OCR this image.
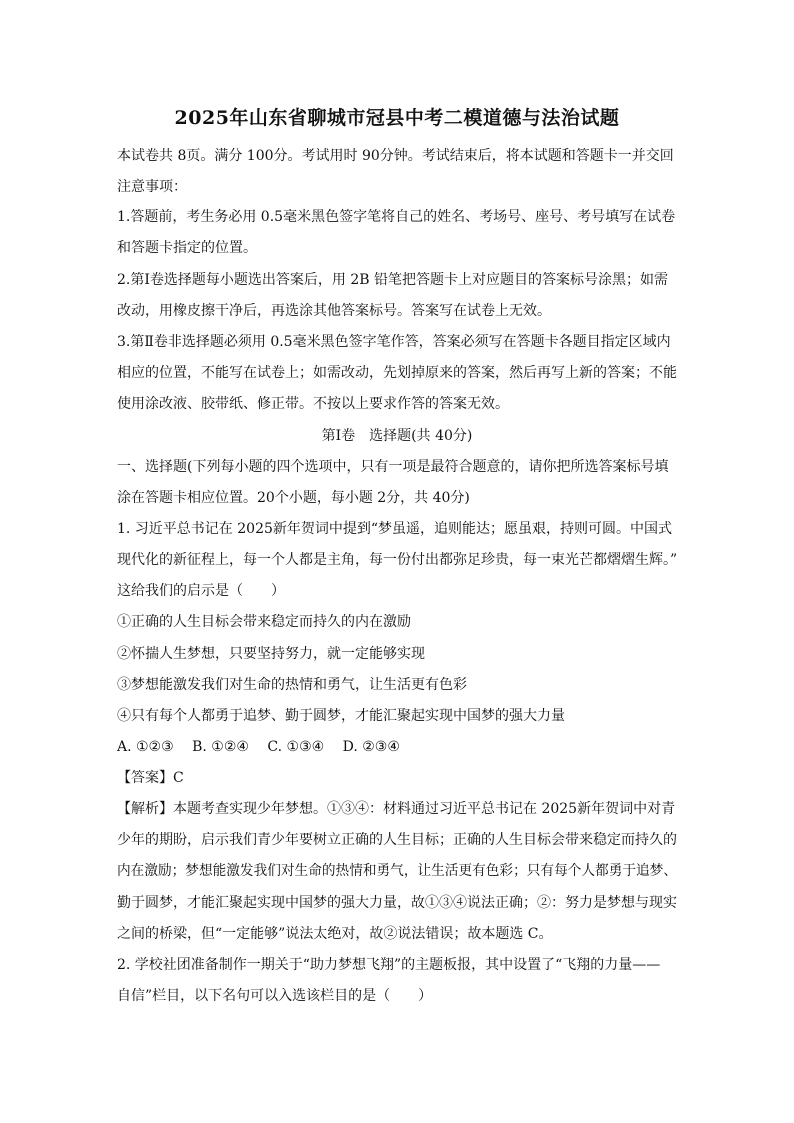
2025年山东省聊城市冠县中考二模道德与法治试题
本试卷共 8页。满分 100分。考试用时 90分钟。考试结束后，将本试题和答题卡一并交回
注意事项：
1.答题前，考生务必用 0.5毫米黑色签字笔将自己的姓名、考场号、座号、考号填写在试卷
和答题卡指定的位置。
2.第Ⅰ卷选择题每小题选出答案后，用 2B 铅笔把答题卡上对应题目的答案标号涂黑；如需
改动，用橡皮擦干净后，再选涂其他答案标号。答案写在试卷上无效。
3.第Ⅱ卷非选择题必须用 0.5毫米黑色签字笔作答，答案必须写在答题卡各题目指定区域内
相应的位置，不能写在试卷上；如需改动，先划掉原来的答案，然后再写上新的答案；不能
使用涂改液、胶带纸、修正带。不按以上要求作答的答案无效。
第Ⅰ卷　选择题(共 40分)
一、选择题(下列每小题的四个选项中，只有一项是最符合题意的，请你把所选答案标号填
涂在答题卡相应位置。20个小题，每小题 2分，共 40分)
1. 习近平总书记在 2025新年贺词中提到“梦虽遥，追则能达；愿虽艰，持则可圆。中国式
现代化的新征程上，每一个人都是主角，每一份付出都弥足珍贵，每一束光芒都熠熠生辉。”
这给我们的启示是（　　）
①正确的人生目标会带来稳定而持久的内在激励
②怀揣人生梦想，只要坚持努力，就一定能够实现
③梦想能激发我们对生命的热情和勇气，让生活更有色彩
④只有每个人都勇于追梦、勤于圆梦，才能汇聚起实现中国梦的强大力量
A. ①②③　 B. ①②④　 C. ①③④　 D. ②③④
【答案】C
【解析】本题考查实现少年梦想。①③④：材料通过习近平总书记在 2025新年贺词中对青
少年的期盼，启示我们青少年要树立正确的人生目标；正确的人生目标会带来稳定而持久的
内在激励；梦想能激发我们对生命的热情和勇气，让生活更有色彩；只有每个人都勇于追梦、
勤于圆梦，才能汇聚起实现中国梦的强大力量，故①③④说法正确；②：努力是梦想与现实
之间的桥梁，但“一定能够”说法太绝对，故②说法错误；故本题选 C。
2. 学校社团准备制作一期关于“助力梦想飞翔”的主题板报，其中设置了“飞翔的力量——
自信”栏目，以下名句可以入选该栏目的是（　　）
